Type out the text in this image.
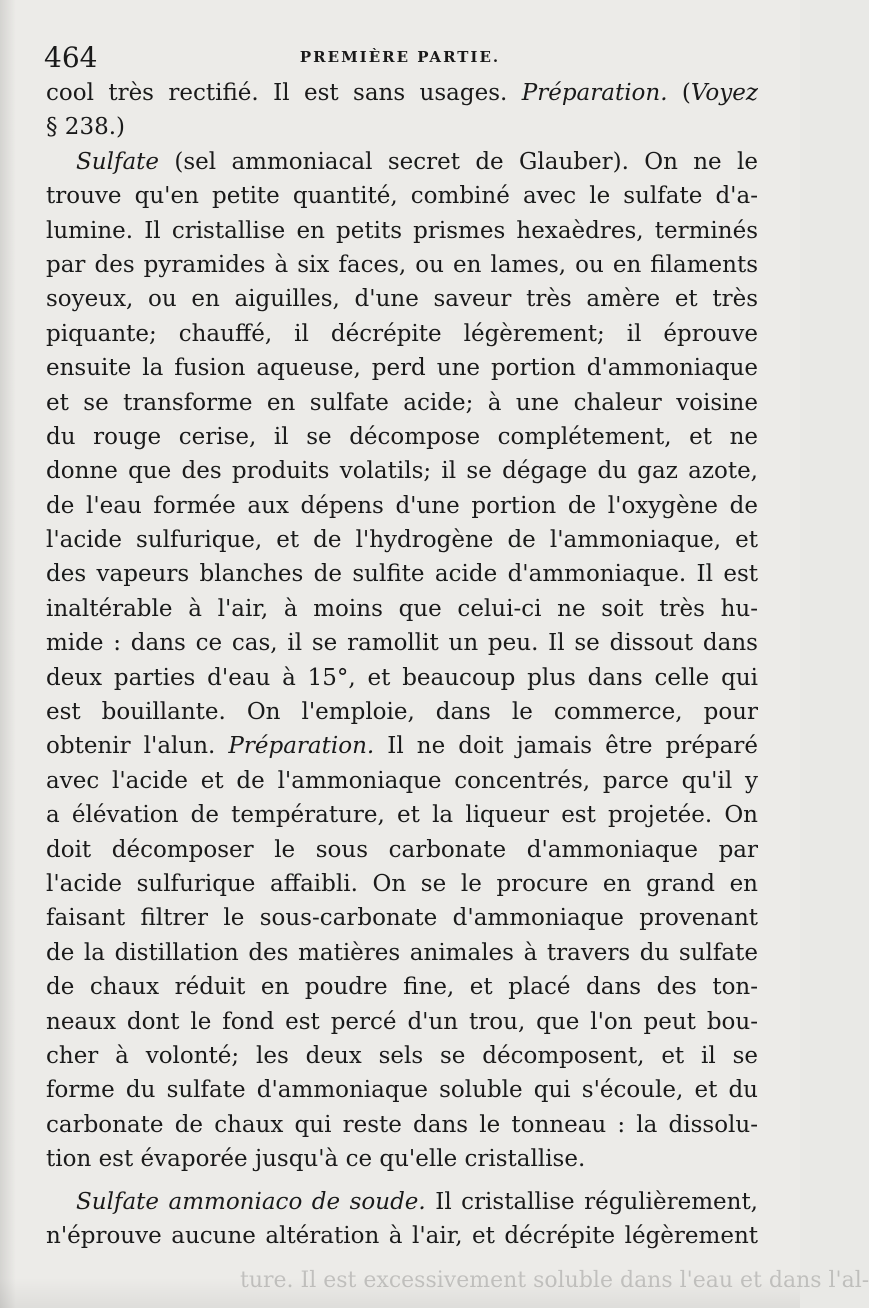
464	PREMIÈRE PARTIE.
cool très rectifié. Il est sans usages. Préparation. (Voyez
§ 238.)
Sulfate (sel ammoniacal secret de Glauber). On ne le
trouve qu'en petite quantité, combiné avec le sulfate d'a-
lumine. Il cristallise en petits prismes hexaèdres, terminés
par des pyramides à six faces, ou en lames, ou en filaments
soyeux, ou en aiguilles, d'une saveur très amère et très
piquante; chauffé, il décrépite légèrement; il éprouve
ensuite la fusion aqueuse, perd une portion d'ammoniaque
et se transforme en sulfate acide; à une chaleur voisine
du rouge cerise, il se décompose complétement, et ne
donne que des produits volatils; il se dégage du gaz azote,
de l'eau formée aux dépens d'une portion de l'oxygène de
l'acide sulfurique, et de l'hydrogène de l'ammoniaque, et
des vapeurs blanches de sulfite acide d'ammoniaque. Il est
inaltérable à l'air, à moins que celui-ci ne soit très hu-
mide : dans ce cas, il se ramollit un peu. Il se dissout dans
deux parties d'eau à 15°, et beaucoup plus dans celle qui
est bouillante. On l'emploie, dans le commerce, pour
obtenir l'alun. Préparation. Il ne doit jamais être préparé
avec l'acide et de l'ammoniaque concentrés, parce qu'il y
a élévation de température, et la liqueur est projetée. On
doit décomposer le sous carbonate d'ammoniaque par
l'acide sulfurique affaibli. On se le procure en grand en
faisant filtrer le sous-carbonate d'ammoniaque provenant
de la distillation des matières animales à travers du sulfate
de chaux réduit en poudre fine, et placé dans des ton-
neaux dont le fond est percé d'un trou, que l'on peut bou-
cher à volonté; les deux sels se décomposent, et il se
forme du sulfate d'ammoniaque soluble qui s'écoule, et du
carbonate de chaux qui reste dans le tonneau : la dissolu-
tion est évaporée jusqu'à ce qu'elle cristallise.
Sulfate ammoniaco de soude. Il cristallise régulièrement,
n'éprouve aucune altération à l'air, et décrépite légèrement
ture. Il est excessivement soluble dans l'eau et dans l'al-
